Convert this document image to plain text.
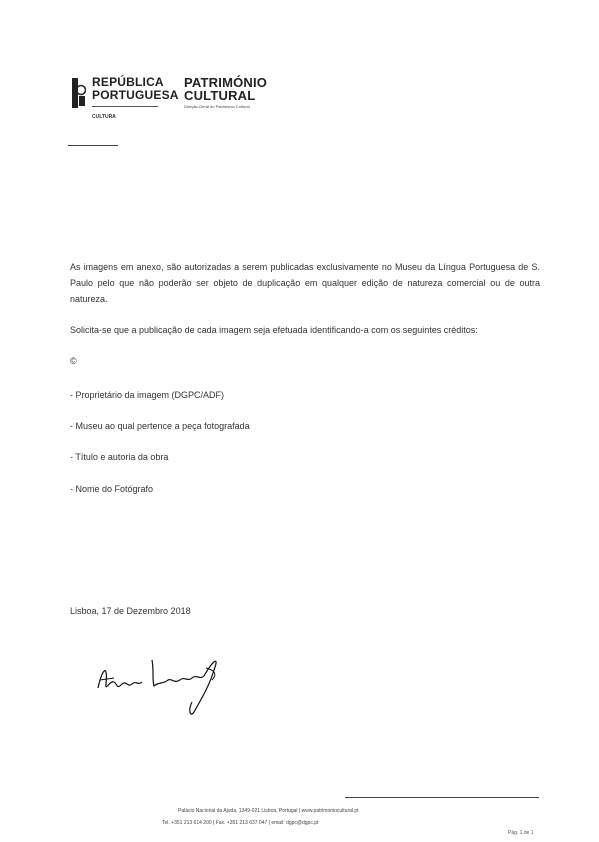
REPÚBLICA
PORTUGUESA
CULTURA
PATRIMÓNIO
CULTURAL
Direção-Geral do Património Cultural
As imagens em anexo, são autorizadas a serem publicadas exclusivamente no Museu da Língua Portuguesa de S. Paulo pelo que não poderão ser objeto de duplicação em qualquer edição de natureza comercial ou de outra natureza.
Solicita-se que a publicação de cada imagem seja efetuada identificando-a com os seguintes créditos:
©
- Proprietário da imagem (DGPC/ADF)
- Museu ao qual pertence a peça fotografada
- Título e autoria da obra
- Nome do Fotógrafo
Lisboa, 17 de Dezembro 2018
Palácio Nacional da Ajuda, 1349-021 Lisboa, Portugal | www.patrimoniocultural.pt
Tel. +351 213 614 200 | Fax. +351 213 637 047 | email: dgpc@dgpc.pt
Pág. 1 de 1
